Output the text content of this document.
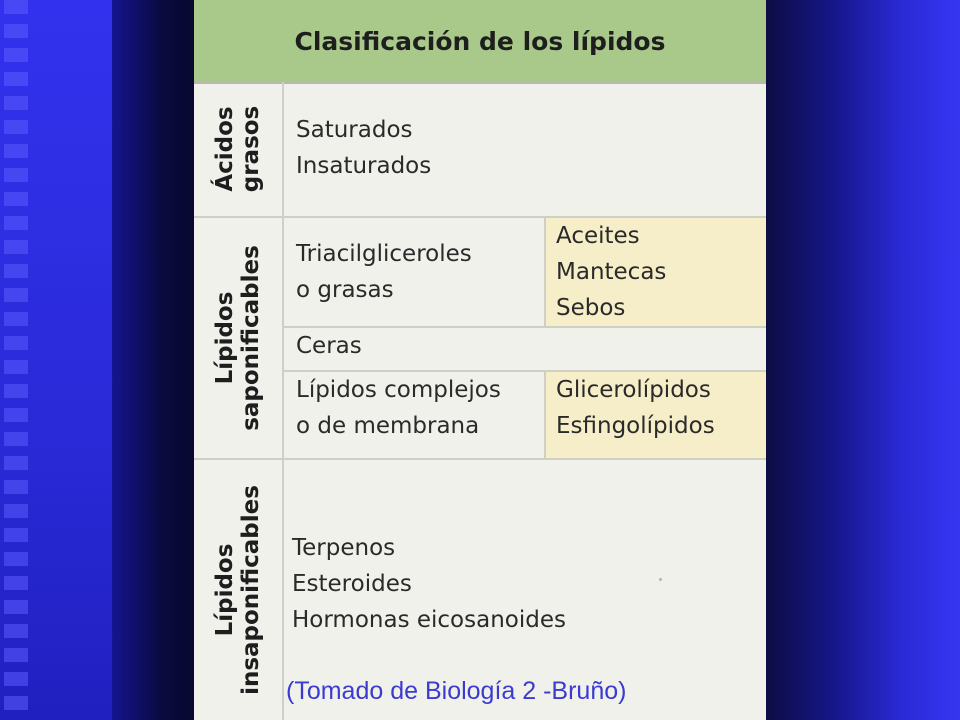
Clasificación de los lípidos
Ácidos grasos Saturados
Insaturados
Lípidos saponificables Triacilgliceroles
o grasas
Aceites
Mantecas
Sebos
Ceras
Lípidos complejos
o de membrana
Glicerolípidos
Esfingolípidos
Lípidos insaponificables Terpenos
Esteroides
Hormonas eicosanoides
(Tomado de Biología 2 -Bruño)
